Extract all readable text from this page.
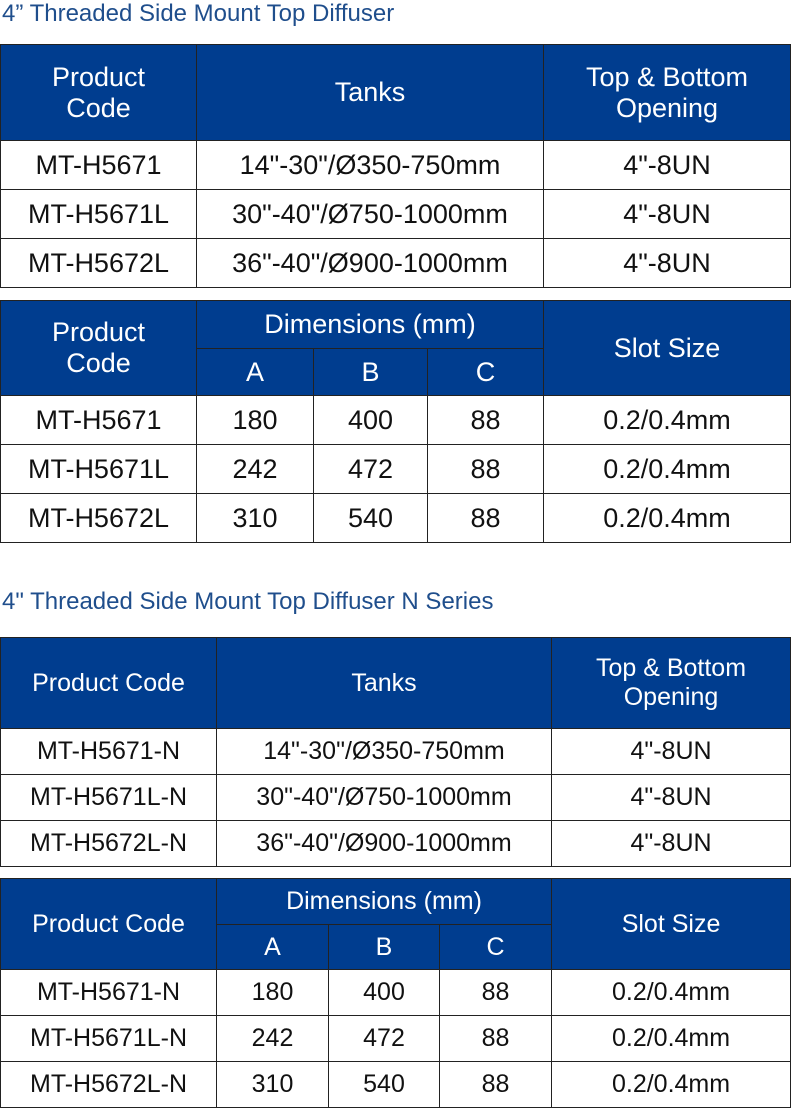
4” Threaded Side Mount Top Diffuser
Product
Code	Tanks	Top & Bottom
Opening

MT-H5671	14"-30"/Ø350-750mm	4"-8UN
MT-H5671L	30"-40"/Ø750-1000mm	4"-8UN
MT-H5672L	36"-40"/Ø900-1000mm	4"-8UN
Product
Code	Dimensions (mm)			Slot Size
	A	B	C	
MT-H5671	180	400	88	0.2/0.4mm
MT-H5671L	242	472	88	0.2/0.4mm
MT-H5672L	310	540	88	0.2/0.4mm
4" Threaded Side Mount Top Diffuser N Series
Product Code	Tanks	Top & Bottom
Opening

MT-H5671-N	14"-30"/Ø350-750mm	4"-8UN
MT-H5671L-N	30"-40"/Ø750-1000mm	4"-8UN
MT-H5672L-N	36"-40"/Ø900-1000mm	4"-8UN
Product Code	Dimensions (mm)			Slot Size
	A	B	C	
MT-H5671-N	180	400	88	0.2/0.4mm
MT-H5671L-N	242	472	88	0.2/0.4mm
MT-H5672L-N	310	540	88	0.2/0.4mm
